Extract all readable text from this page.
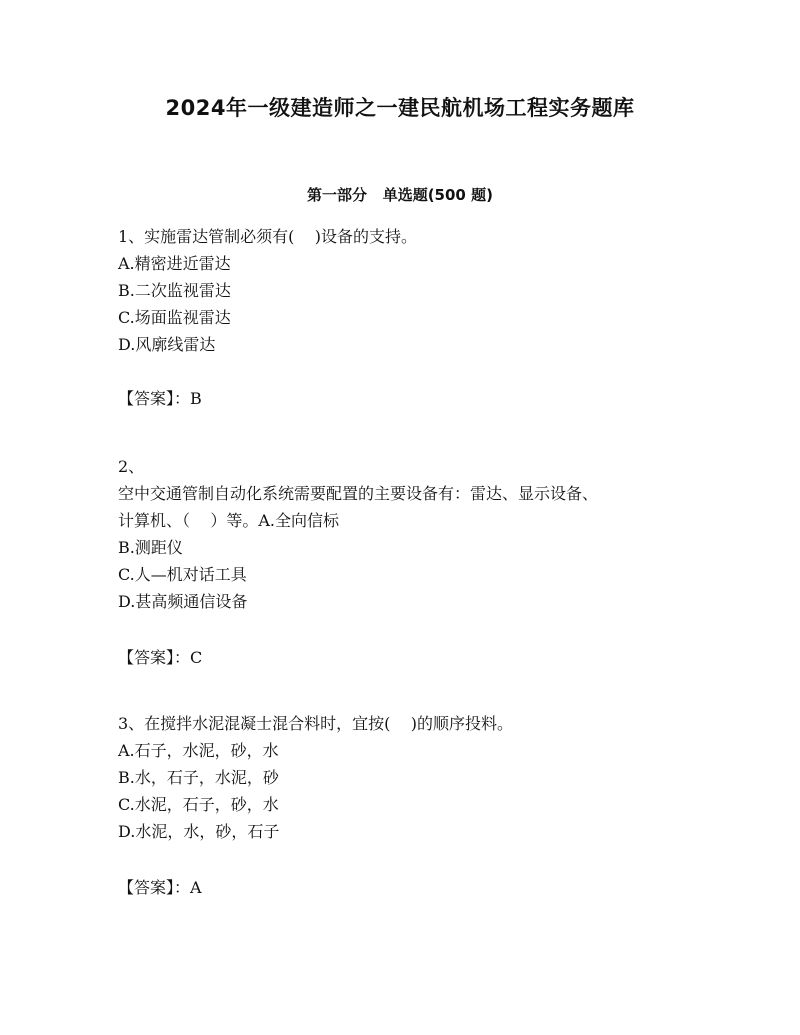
2024年一级建造师之一建民航机场工程实务题库
第一部分   单选题(500 题)
1、实施雷达管制必须有(    )设备的支持。
A.精密进近雷达
B.二次监视雷达
C.场面监视雷达
D.风廓线雷达
【答案】：B
2、
空中交通管制自动化系统需要配置的主要设备有：雷达、显示设备、
计算机、（    ）等。A.全向信标
B.测距仪
C.人—机对话工具
D.甚高频通信设备
【答案】：C
3、在搅拌水泥混凝士混合料时，宜按(    )的顺序投料。
A.石子，水泥，砂，水
B.水，石子，水泥，砂
C.水泥，石子，砂，水
D.水泥，水，砂，石子
【答案】：A
